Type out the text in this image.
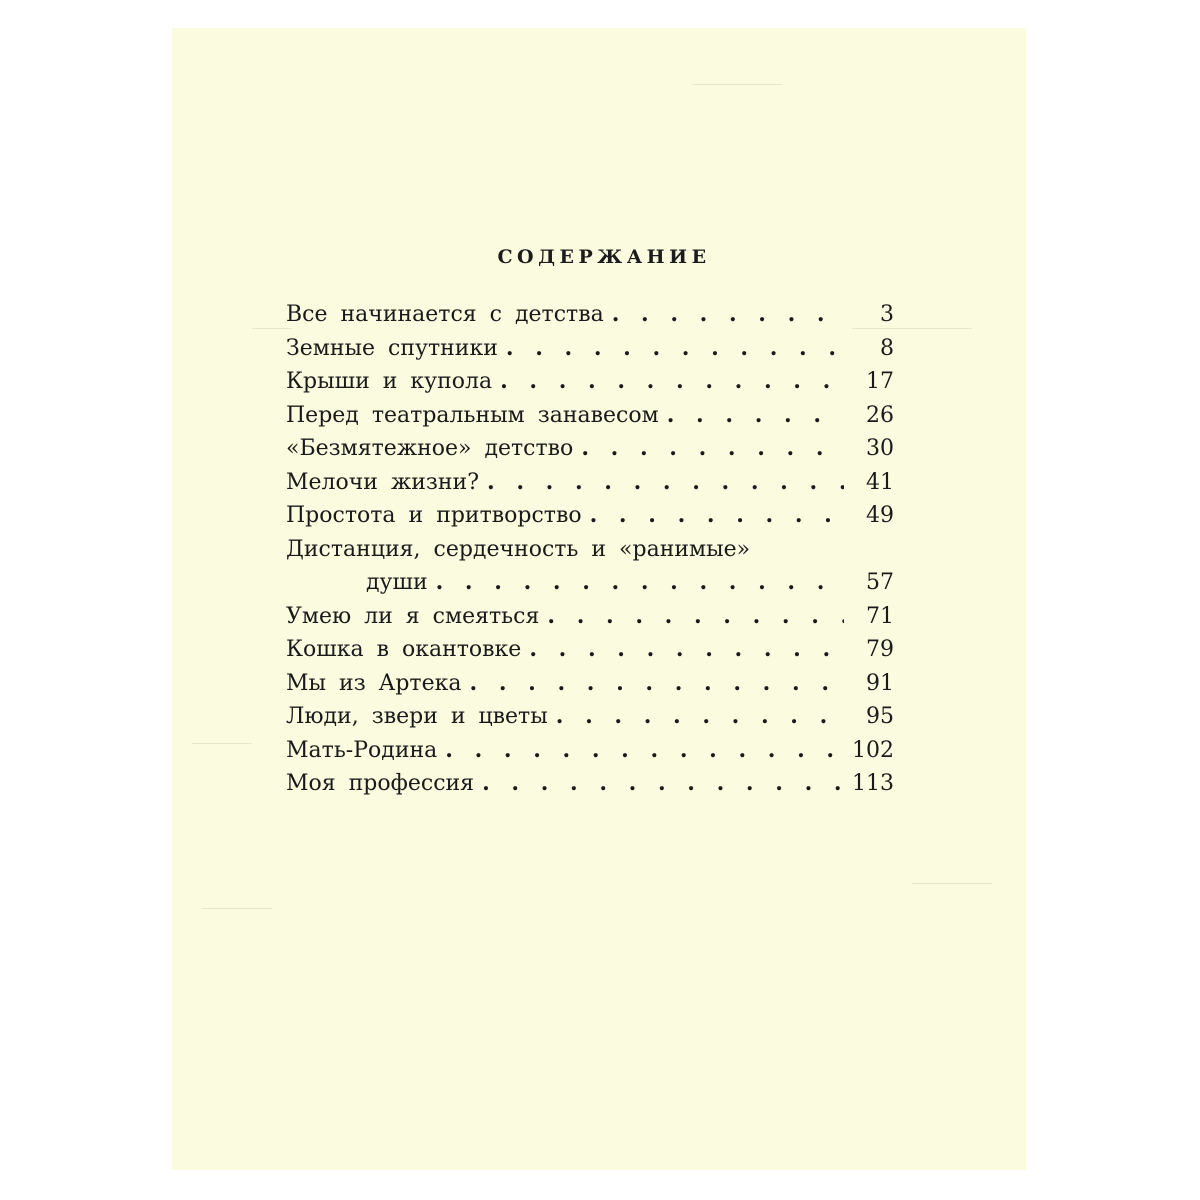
СОДЕРЖАНИЕ
Все начинается с детства . . .	3
Земные спутники . . .	8
Крыши и купола . . .	17
Перед театральным занавесом . . .	26
«Безмятежное» детство . . .	30
Мелочи жизни? . . .	41
Простота и притворство . . .	49
Дистанция, сердечность и «ранимые»
души . . .	57
Умею ли я смеяться . . .	71
Кошка в окантовке . . .	79
Мы из Артека . . .	91
Люди, звери и цветы . . .	95
Мать-Родина . . .	102
Моя профессия . . .	113
